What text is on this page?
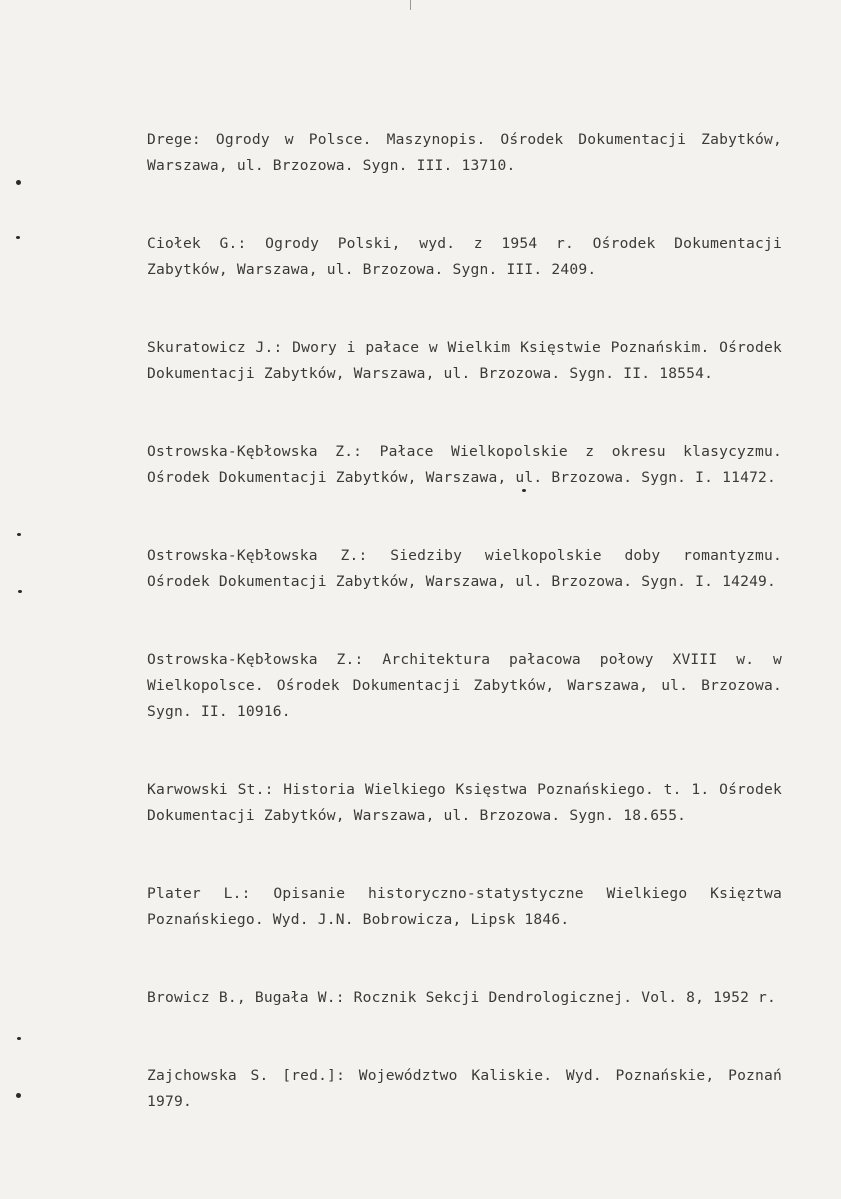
Drege: Ogrody w Polsce. Maszynopis. Ośrodek Dokumentacji Zabytków, Warszawa, ul. Brzozowa. Sygn. III. 13710.

Ciołek G.: Ogrody Polski, wyd. z 1954 r. Ośrodek Dokumentacji Zabytków, Warszawa, ul. Brzozowa. Sygn. III. 2409.

Skuratowicz J.: Dwory i pałace w Wielkim Księstwie Poznańskim. Ośrodek Dokumentacji Zabytków, Warszawa, ul. Brzozowa. Sygn. II. 18554.

Ostrowska-Kębłowska Z.: Pałace Wielkopolskie z okresu klasycyzmu. Ośrodek Dokumentacji Zabytków, Warszawa, ul. Brzozowa. Sygn. I. 11472.

Ostrowska-Kębłowska Z.: Siedziby wielkopolskie doby romantyzmu. Ośrodek Dokumentacji Zabytków, Warszawa, ul. Brzozowa. Sygn. I. 14249.

Ostrowska-Kębłowska Z.: Architektura pałacowa połowy XVIII w. w Wielkopolsce. Ośrodek Dokumentacji Zabytków, Warszawa, ul. Brzozowa. Sygn. II. 10916.

Karwowski St.: Historia Wielkiego Księstwa Poznańskiego. t. 1. Ośrodek Dokumentacji Zabytków, Warszawa, ul. Brzozowa. Sygn. 18.655.

Plater L.: Opisanie historyczno-statystyczne Wielkiego Księztwa Poznańskiego. Wyd. J.N. Bobrowicza, Lipsk 1846.

Browicz B., Bugała W.: Rocznik Sekcji Dendrologicznej. Vol. 8, 1952 r.

Zajchowska S. [red.]: Województwo Kaliskie. Wyd. Poznańskie, Poznań 1979.
